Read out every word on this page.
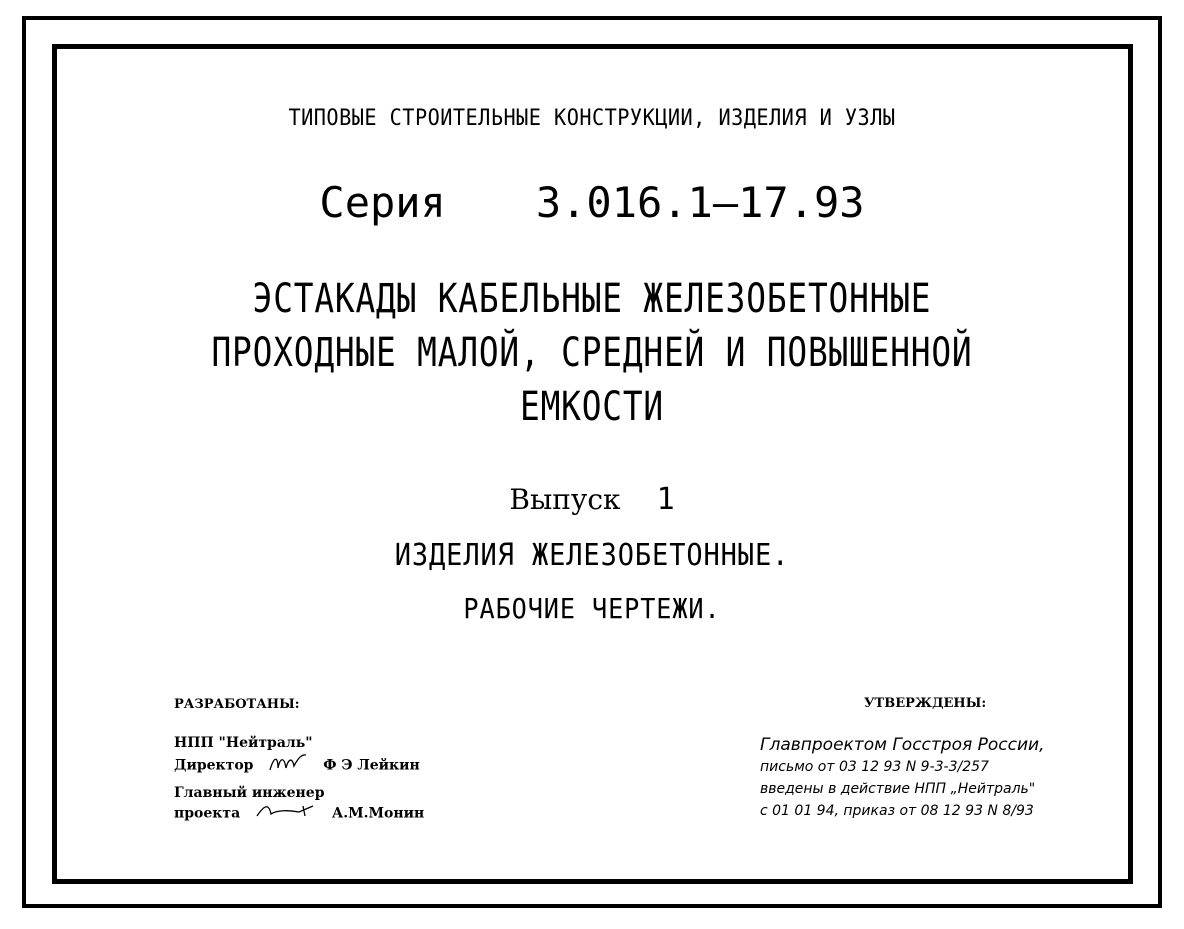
ТИПОВЫЕ СТРОИТЕЛЬНЫЕ КОНСТРУКЦИИ, ИЗДЕЛИЯ И УЗЛЫ
Серия 3.016.1–17.93
ЭСТАКАДЫ КАБЕЛЬНЫЕ ЖЕЛЕЗОБЕТОННЫЕ
ПРОХОДНЫЕ МАЛОЙ, СРЕДНЕЙ И ПОВЫШЕННОЙ
ЕМКОСТИ
Выпуск 1
ИЗДЕЛИЯ ЖЕЛЕЗОБЕТОННЫЕ.
РАБОЧИЕ ЧЕРТЕЖИ.
РАЗРАБОТАНЫ:
НПП "Нейтраль"
Директор	Ф Э Лейкин
Главный инженер
проекта	А.М.Монин
УТВЕРЖДЕНЫ:
Главпроектом Госстроя России,
письмо от 03 12 93 N 9-3-3/257
введены в действие НПП „Нейтраль"
с 01 01 94, приказ от 08 12 93 N 8/93
